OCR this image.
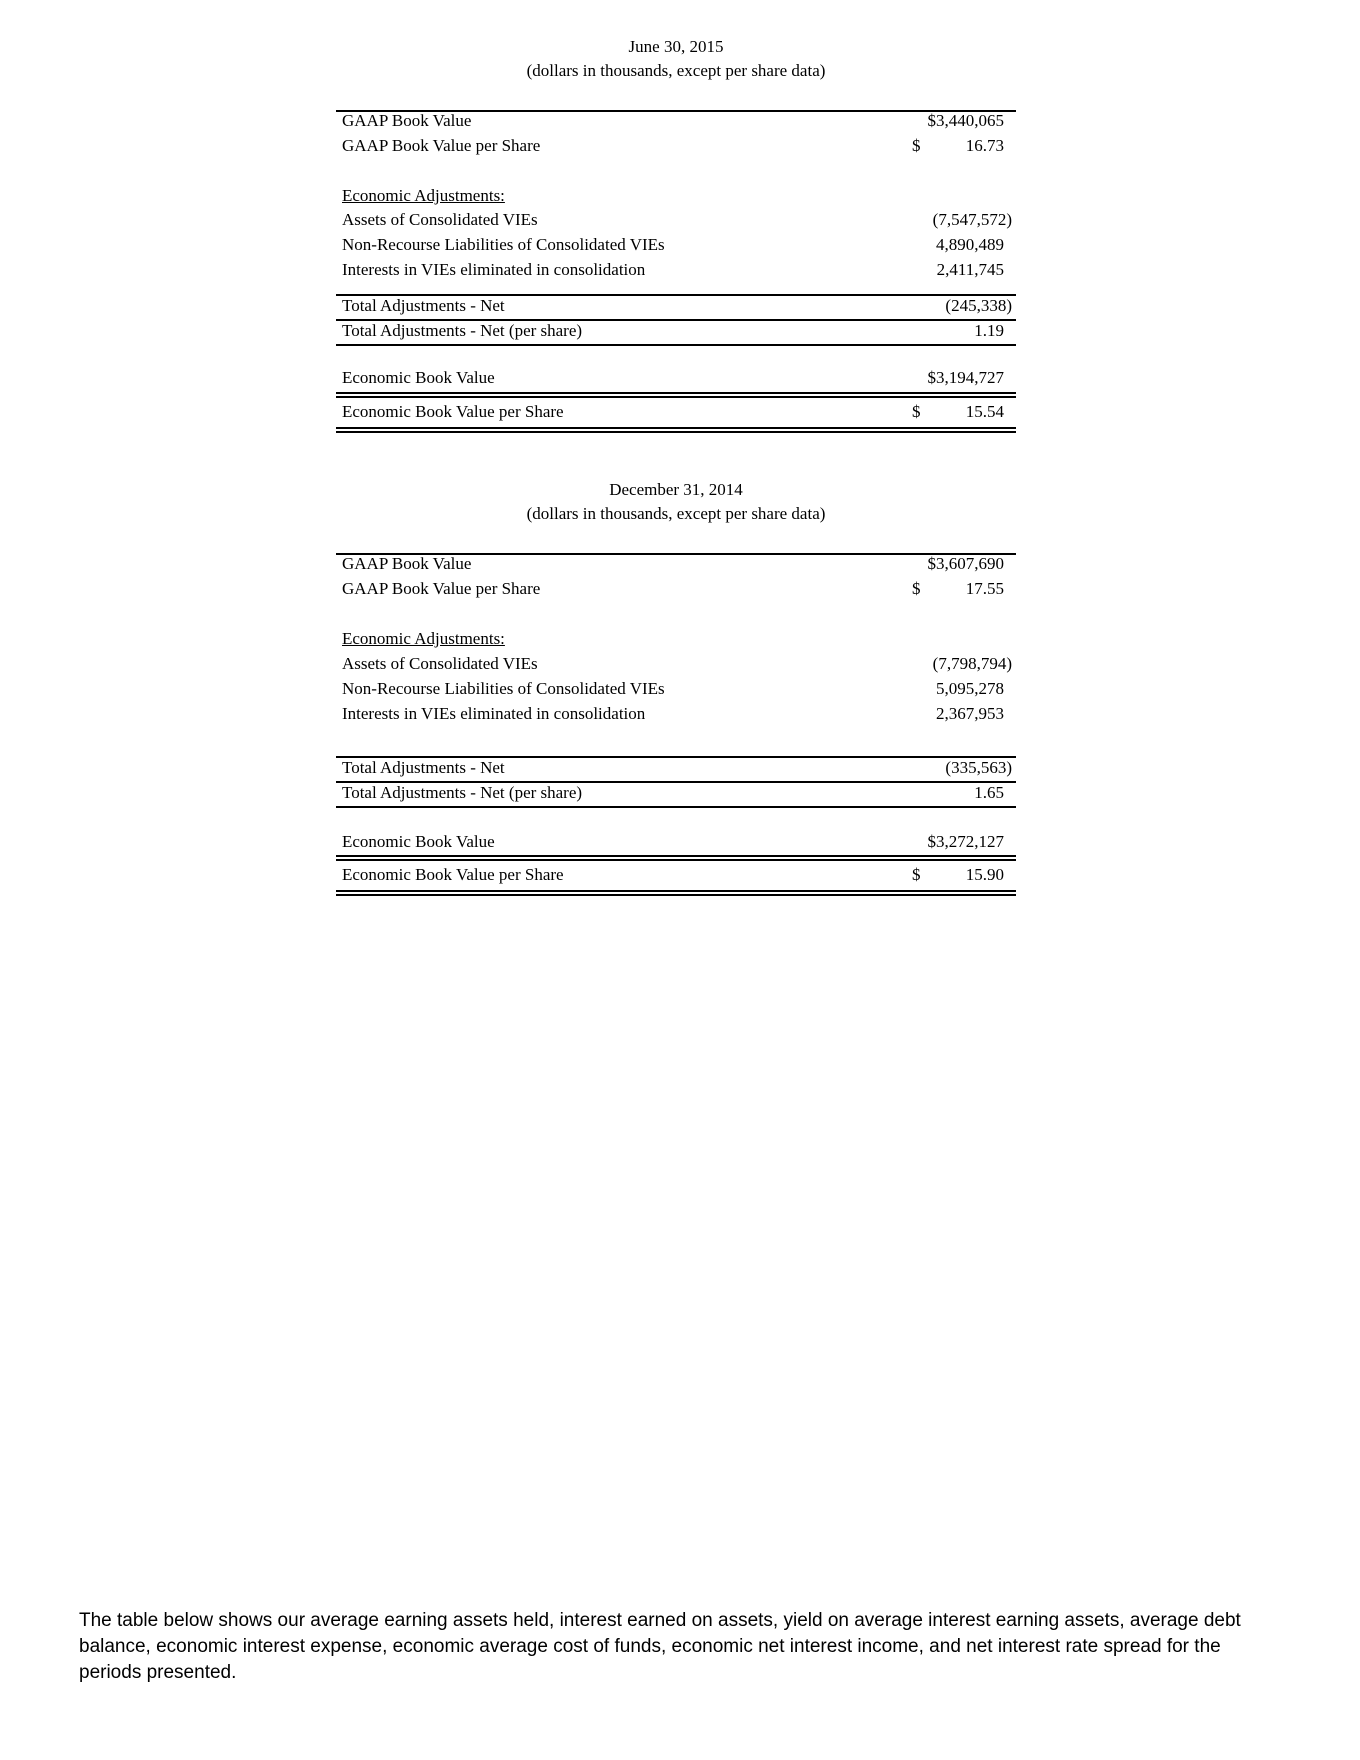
June 30, 2015
(dollars in thousands, except per share data)
GAAP Book Value	$3,440,065
GAAP Book Value per Share	$	16.73
Economic Adjustments:
Assets of Consolidated VIEs	(7,547,572)
Non-Recourse Liabilities of Consolidated VIEs	4,890,489
Interests in VIEs eliminated in consolidation	2,411,745
Total Adjustments - Net	(245,338)
Total Adjustments - Net (per share)	1.19
Economic Book Value	$3,194,727
Economic Book Value per Share	$	15.54
December 31, 2014
(dollars in thousands, except per share data)
GAAP Book Value	$3,607,690
GAAP Book Value per Share	$	17.55
Economic Adjustments:
Assets of Consolidated VIEs	(7,798,794)
Non-Recourse Liabilities of Consolidated VIEs	5,095,278
Interests in VIEs eliminated in consolidation	2,367,953
Total Adjustments - Net	(335,563)
Total Adjustments - Net (per share)	1.65
Economic Book Value	$3,272,127
Economic Book Value per Share	$	15.90

The table below shows our average earning assets held, interest earned on assets, yield on average interest earning assets, average debt balance, economic interest expense, economic average cost of funds, economic net interest income, and net interest rate spread for the periods presented.
